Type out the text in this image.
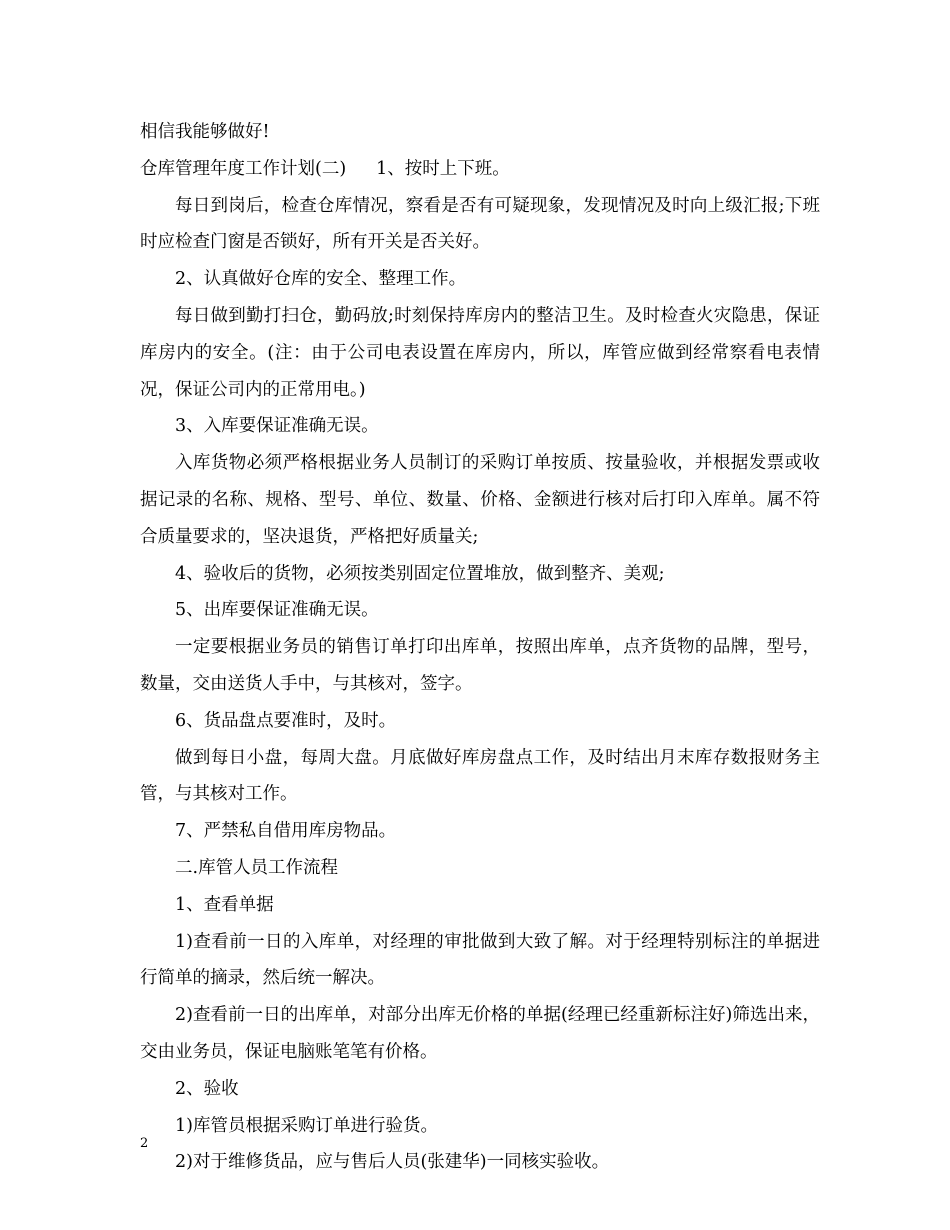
相信我能够做好!

仓库管理年度工作计划(二) 1、按时上下班。

每日到岗后，检查仓库情况，察看是否有可疑现象，发现情况及时向上级汇报;下班时应检查门窗是否锁好，所有开关是否关好。

2、认真做好仓库的安全、整理工作。

每日做到勤打扫仓，勤码放;时刻保持库房内的整洁卫生。及时检查火灾隐患，保证库房内的安全。(注：由于公司电表设置在库房内，所以，库管应做到经常察看电表情况，保证公司内的正常用电。)

3、入库要保证准确无误。

入库货物必须严格根据业务人员制订的采购订单按质、按量验收，并根据发票或收据记录的名称、规格、型号、单位、数量、价格、金额进行核对后打印入库单。属不符合质量要求的，坚决退货，严格把好质量关;

4、验收后的货物，必须按类别固定位置堆放，做到整齐、美观;

5、出库要保证准确无误。

一定要根据业务员的销售订单打印出库单，按照出库单，点齐货物的品牌，型号，数量，交由送货人手中，与其核对，签字。

6、货品盘点要准时，及时。

做到每日小盘，每周大盘。月底做好库房盘点工作，及时结出月末库存数报财务主管，与其核对工作。

7、严禁私自借用库房物品。

二.库管人员工作流程

1、查看单据

1)查看前一日的入库单，对经理的审批做到大致了解。对于经理特别标注的单据进行简单的摘录，然后统一解决。

2)查看前一日的出库单，对部分出库无价格的单据(经理已经重新标注好)筛选出来，交由业务员，保证电脑账笔笔有价格。

2、验收

1)库管员根据采购订单进行验货。

2)对于维修货品，应与售后人员(张建华)一同核实验收。

2
